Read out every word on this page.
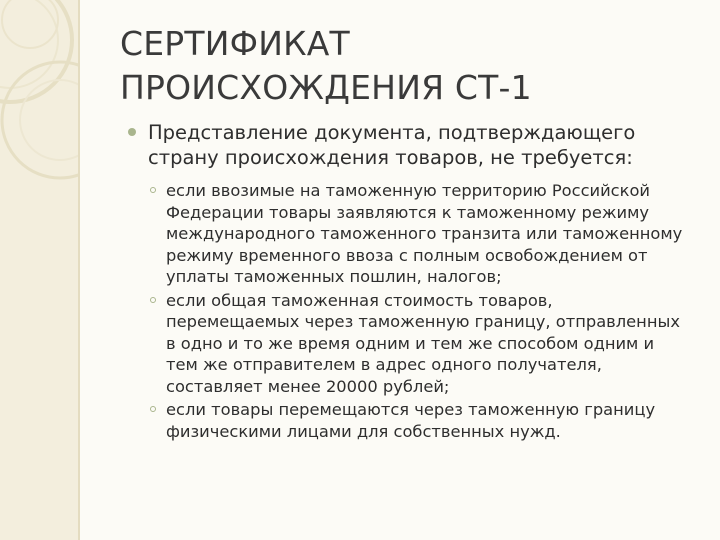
СЕРТИФИКАТ
ПРОИСХОЖДЕНИЯ СТ-1
Представление документа, подтверждающего страну происхождения товаров, не требуется:
если ввозимые на таможенную территорию Российской Федерации товары заявляются к таможенному режиму международного таможенного транзита или таможенному режиму временного ввоза с полным освобождением от уплаты таможенных пошлин, налогов;
если общая таможенная стоимость товаров, перемещаемых через таможенную границу, отправленных в одно и то же время одним и тем же способом одним и тем же отправителем в адрес одного получателя, составляет менее 20000 рублей;
если товары перемещаются через таможенную границу физическими лицами для собственных нужд.
